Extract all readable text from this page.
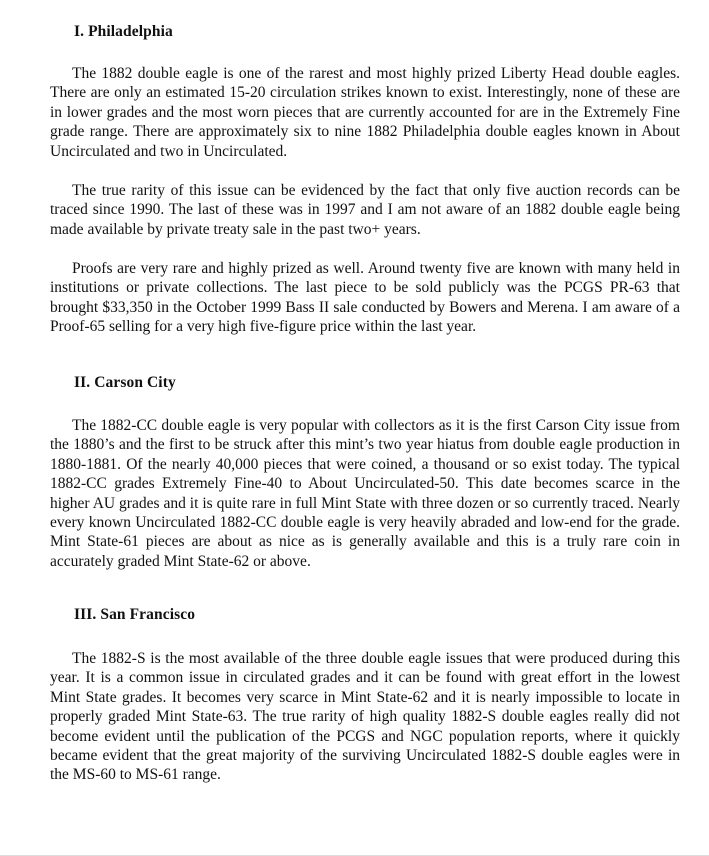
I. Philadelphia

The 1882 double eagle is one of the rarest and most highly prized Liberty Head double eagles. There are only an estimated 15-20 circulation strikes known to exist. Interestingly, none of these are in lower grades and the most worn pieces that are currently accounted for are in the Extremely Fine grade range. There are approximately six to nine 1882 Philadelphia double eagles known in About Uncirculated and two in Uncirculated.

The true rarity of this issue can be evidenced by the fact that only five auction records can be traced since 1990. The last of these was in 1997 and I am not aware of an 1882 double eagle being made available by private treaty sale in the past two+ years.

Proofs are very rare and highly prized as well. Around twenty five are known with many held in institutions or private collections. The last piece to be sold publicly was the PCGS PR-63 that brought $33,350 in the October 1999 Bass II sale conducted by Bowers and Merena. I am aware of a Proof-65 selling for a very high five-figure price within the last year.

II. Carson City

The 1882-CC double eagle is very popular with collectors as it is the first Carson City issue from the 1880’s and the first to be struck after this mint’s two year hiatus from double eagle production in 1880-1881. Of the nearly 40,000 pieces that were coined, a thousand or so exist today. The typical 1882-CC grades Extremely Fine-40 to About Uncirculated-50. This date becomes scarce in the higher AU grades and it is quite rare in full Mint State with three dozen or so currently traced. Nearly every known Uncirculated 1882-CC double eagle is very heavily abraded and low-end for the grade. Mint State-61 pieces are about as nice as is generally available and this is a truly rare coin in accurately graded Mint State-62 or above.

III. San Francisco

The 1882-S is the most available of the three double eagle issues that were produced during this year. It is a common issue in circulated grades and it can be found with great effort in the lowest Mint State grades. It becomes very scarce in Mint State-62 and it is nearly impossible to locate in properly graded Mint State-63. The true rarity of high quality 1882-S double eagles really did not become evident until the publication of the PCGS and NGC population reports, where it quickly became evident that the great majority of the surviving Uncirculated 1882-S double eagles were in the MS-60 to MS-61 range.
